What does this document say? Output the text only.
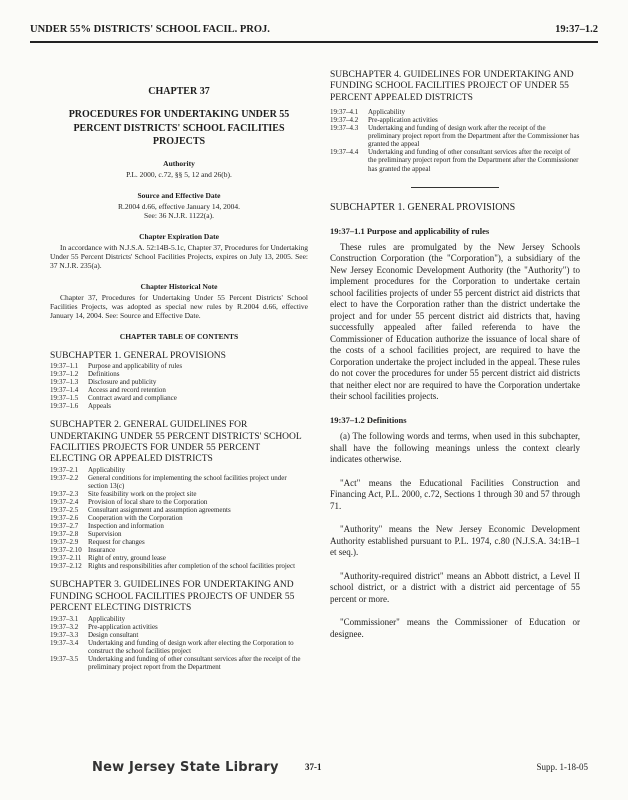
UNDER 55% DISTRICTS' SCHOOL FACIL. PROJ.	19:37–1.2
CHAPTER 37
PROCEDURES FOR UNDERTAKING UNDER 55 PERCENT DISTRICTS' SCHOOL FACILITIES PROJECTS
Authority
P.L. 2000, c.72, §§ 5, 12 and 26(b).
Source and Effective Date
R.2004 d.66, effective January 14, 2004.
See: 36 N.J.R. 1122(a).
Chapter Expiration Date
In accordance with N.J.S.A. 52:14B-5.1c, Chapter 37, Procedures for Undertaking Under 55 Percent Districts' School Facilities Projects, expires on July 13, 2005. See: 37 N.J.R. 235(a).
Chapter Historical Note
Chapter 37, Procedures for Undertaking Under 55 Percent Districts' School Facilities Projects, was adopted as special new rules by R.2004 d.66, effective January 14, 2004. See: Source and Effective Date.
CHAPTER TABLE OF CONTENTS
SUBCHAPTER 1. GENERAL PROVISIONS
19:37–1.1	Purpose and applicability of rules
19:37–1.2	Definitions
19:37–1.3	Disclosure and publicity
19:37–1.4	Access and record retention
19:37–1.5	Contract award and compliance
19:37–1.6	Appeals
SUBCHAPTER 2. GENERAL GUIDELINES FOR UNDERTAKING UNDER 55 PERCENT DISTRICTS' SCHOOL FACILITIES PROJECTS FOR UNDER 55 PERCENT ELECTING OR APPEALED DISTRICTS
19:37–2.1	Applicability
19:37–2.2	General conditions for implementing the school facilities project under section 13(c)
19:37–2.3	Site feasibility work on the project site
19:37–2.4	Provision of local share to the Corporation
19:37–2.5	Consultant assignment and assumption agreements
19:37–2.6	Cooperation with the Corporation
19:37–2.7	Inspection and information
19:37–2.8	Supervision
19:37–2.9	Request for changes
19:37–2.10 Insurance
19:37–2.11 Right of entry, ground lease
19:37–2.12 Rights and responsibilities after completion of the school facilities project
SUBCHAPTER 3. GUIDELINES FOR UNDERTAKING AND FUNDING SCHOOL FACILITIES PROJECTS OF UNDER 55 PERCENT ELECTING DISTRICTS
19:37–3.1	Applicability
19:37–3.2	Pre-application activities
19:37–3.3	Design consultant
19:37–3.4	Undertaking and funding of design work after electing the Corporation to construct the school facilities project
19:37–3.5	Undertaking and funding of other consultant services after the receipt of the preliminary project report from the Department
SUBCHAPTER 4. GUIDELINES FOR UNDERTAKING AND FUNDING SCHOOL FACILITIES PROJECT OF UNDER 55 PERCENT APPEALED DISTRICTS
19:37–4.1	Applicability
19:37–4.2	Pre-application activities
19:37–4.3	Undertaking and funding of design work after the receipt of the preliminary project report from the Department after the Commissioner has granted the appeal
19:37–4.4	Undertaking and funding of other consultant services after the receipt of the preliminary project report from the Department after the Commissioner has granted the appeal
SUBCHAPTER 1. GENERAL PROVISIONS
19:37–1.1 Purpose and applicability of rules
These rules are promulgated by the New Jersey Schools Construction Corporation (the "Corporation"), a subsidiary of the New Jersey Economic Development Authority (the "Authority") to implement procedures for the Corporation to undertake certain school facilities projects of under 55 percent district aid districts that elect to have the Corporation rather than the district undertake the project and for under 55 percent district aid districts that, having successfully appealed after failed referenda to have the Commissioner of Education authorize the issuance of local share of the costs of a school facilities project, are required to have the Corporation undertake the project included in the appeal. These rules do not cover the procedures for under 55 percent district aid districts that neither elect nor are required to have the Corporation undertake their school facilities projects.
19:37–1.2 Definitions
(a) The following words and terms, when used in this subchapter, shall have the following meanings unless the context clearly indicates otherwise.
"Act" means the Educational Facilities Construction and Financing Act, P.L. 2000, c.72, Sections 1 through 30 and 57 through 71.
"Authority" means the New Jersey Economic Development Authority established pursuant to P.L. 1974, c.80 (N.J.S.A. 34:1B–1 et seq.).
"Authority-required district" means an Abbott district, a Level II school district, or a district with a district aid percentage of 55 percent or more.
"Commissioner" means the Commissioner of Education or designee.
New Jersey State Library	37-1	Supp. 1-18-05
